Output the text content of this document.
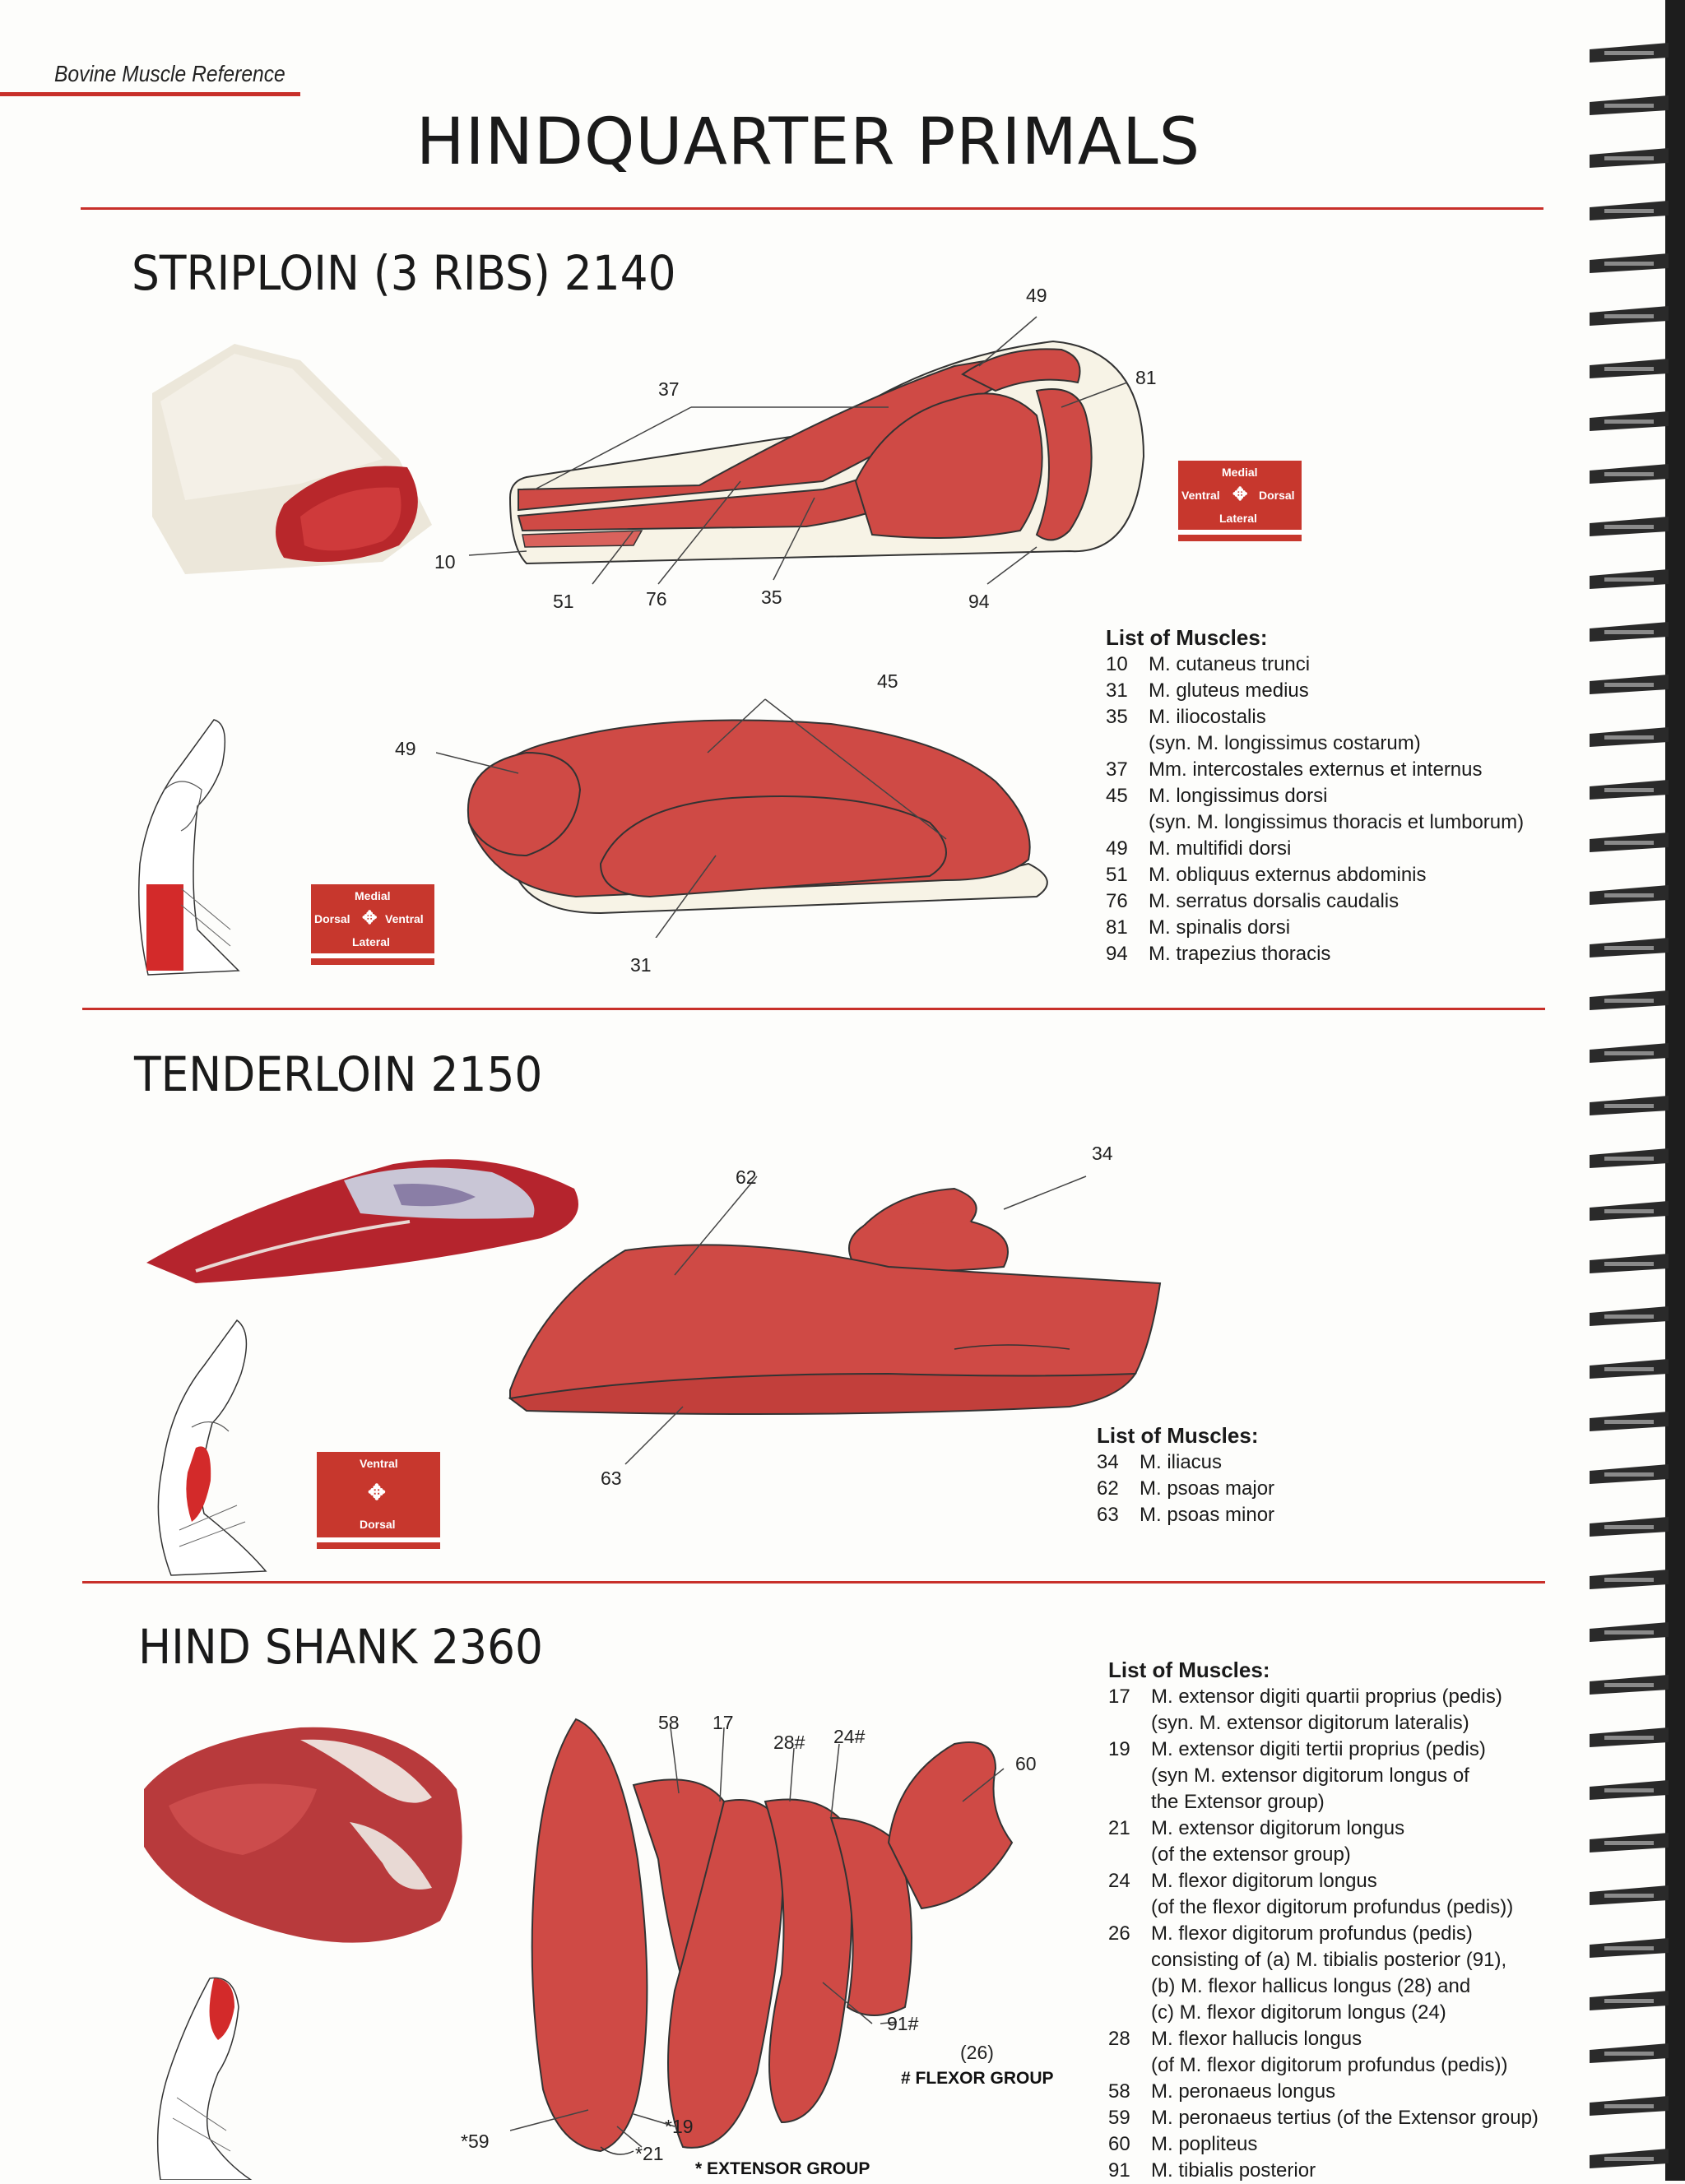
Bovine Muscle Reference
HINDQUARTER PRIMALS
STRIPLOIN (3 RIBS) 2140	49
37
81
10
51	76	35	94
Medial
Ventral ✥ Dorsal
Lateral
Medial
Dorsal ✥ Ventral
Lateral
45
49
31
List of Muscles:
10	M. cutaneus trunci
31	M. gluteus medius
35	M. iliocostalis
(syn. M. longissimus costarum)
37	Mm. intercostales externus et internus
45	M. longissimus dorsi
(syn. M. longissimus thoracis et lumborum)
49	M. multifidi dorsi
51	M. obliquus externus abdominis
76	M. serratus dorsalis caudalis
81	M. spinalis dorsi
94	M. trapezius thoracis
TENDERLOIN 2150
62
34
63
Ventral
✥
Dorsal
List of Muscles:
34	M. iliacus
62	M. psoas major
63	M. psoas minor
HIND SHANK 2360
58 17
28# 24#
60
91#
(26)
*59
*19
*21
# FLEXOR GROUP
* EXTENSOR GROUP
List of Muscles:
17	M. extensor digiti quartii proprius (pedis)
(syn. M. extensor digitorum lateralis)
19	M. extensor digiti tertii proprius (pedis)
(syn M. extensor digitorum longus of
the Extensor group)
21	M. extensor digitorum longus
(of the extensor group)
24	M. flexor digitorum longus
(of the flexor digitorum profundus (pedis))
26	M. flexor digitorum profundus (pedis)
consisting of (a) M. tibialis posterior (91),
(b) M. flexor hallicus longus (28) and
(c) M. flexor digitorum longus (24)
28	M. flexor hallucis longus
(of M. flexor digitorum profundus (pedis))
58	M. peronaeus longus
59	M. peronaeus tertius (of the Extensor group)
60	M. popliteus
91	M. tibialis posterior
